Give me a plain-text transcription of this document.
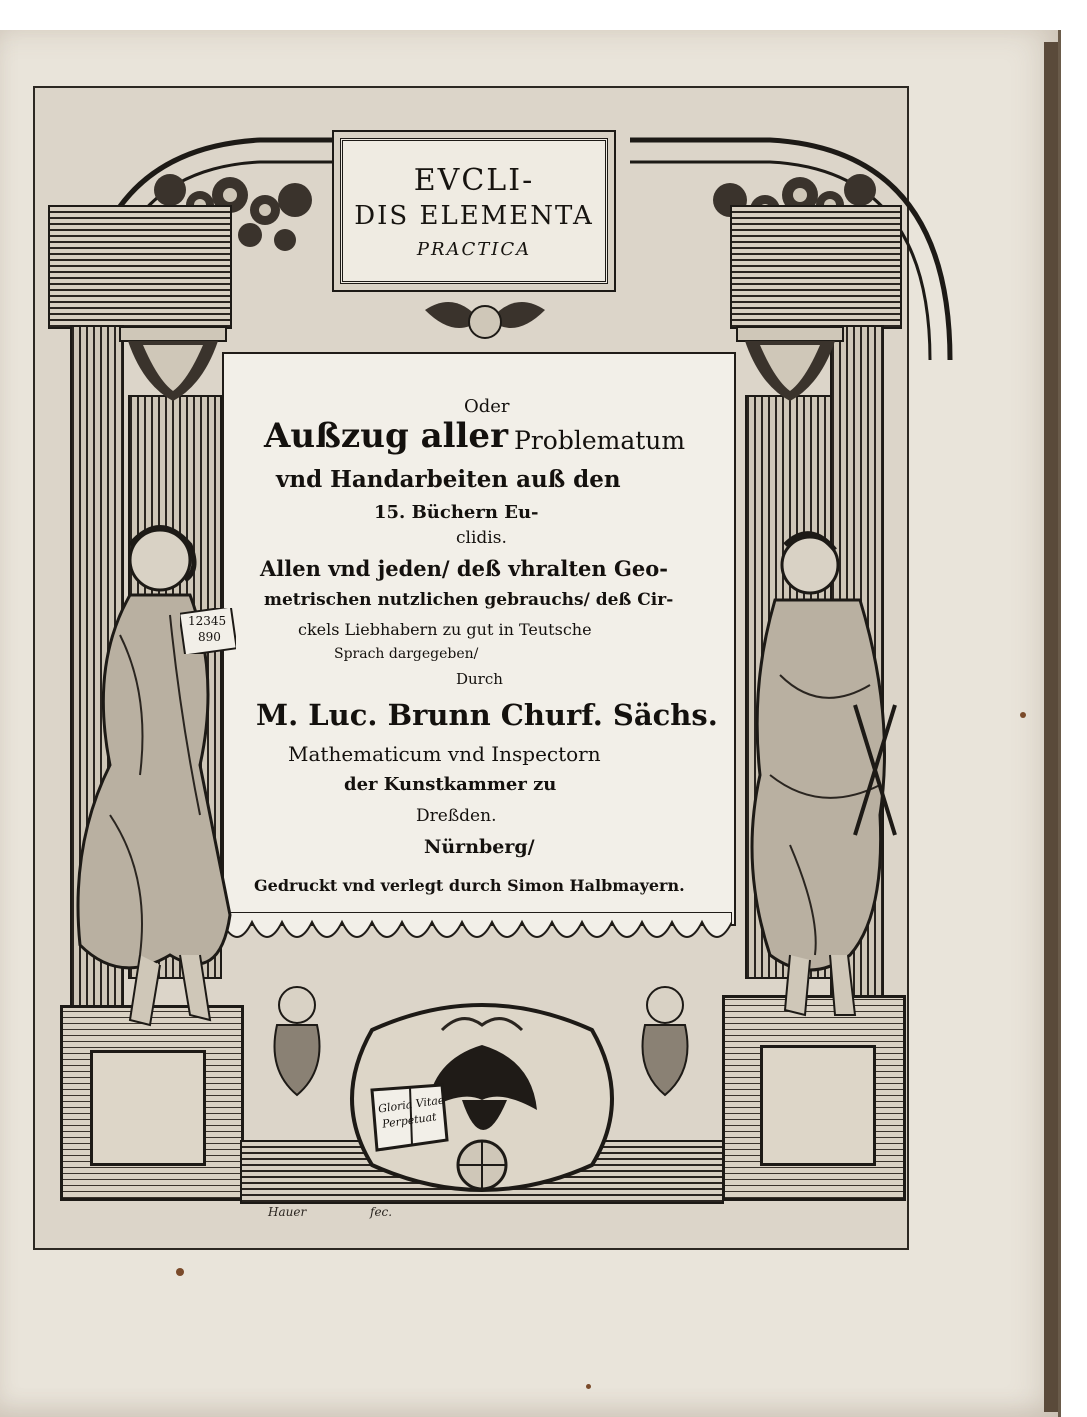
EVCLI-
DIS ELEMENTA
PRACTICA
Oder
Außzug aller Problematum
vnd Handarbeiten auß den
15. Büchern Eu-
clidis.
Allen vnd jeden/ deß vhralten Geo-
metrischen nutzlichen gebrauchs/ deß Cir-
ckels Liebhabern zu gut in Teutsche
Sprach dargegeben/
Durch
M. Luc. Brunn Churf. Sächs.
Mathematicum vnd Inspectorn
der Kunstkammer zu
Dreßden.
Nürnberg/
Gedruckt vnd verlegt durch Simon Halbmayern.
12345
890
Gloria Vitae
Perpetuat
Hauer	fec.
